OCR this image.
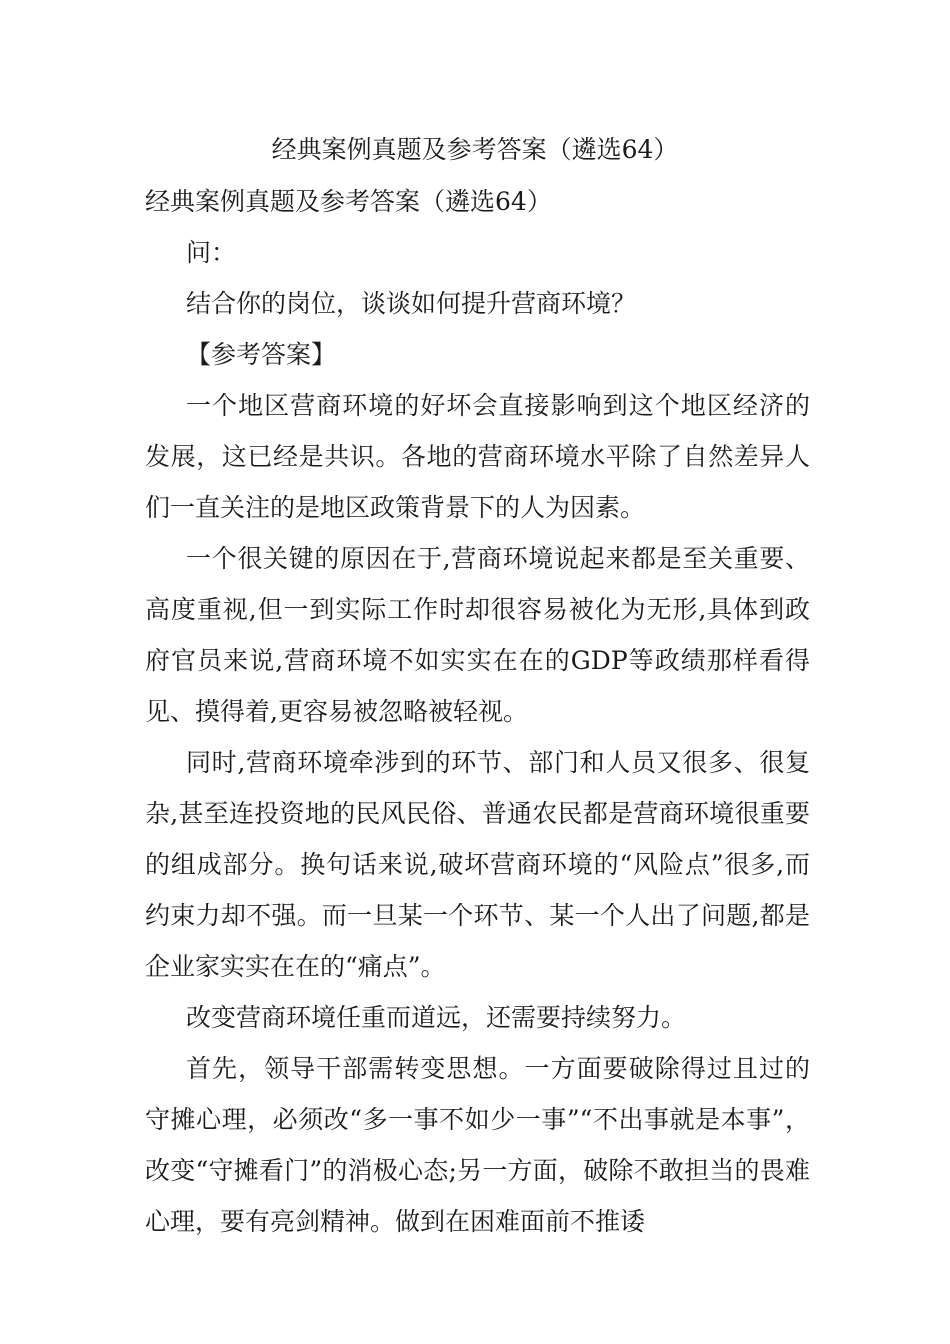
经典案例真题及参考答案（遴选64）

经典案例真题及参考答案（遴选64）

问：

结合你的岗位，谈谈如何提升营商环境？

【参考答案】

一个地区营商环境的好坏会直接影响到这个地区经济的发展，这已经是共识。各地的营商环境水平除了自然差异人们一直关注的是地区政策背景下的人为因素。

一个很关键的原因在于,营商环境说起来都是至关重要、高度重视,但一到实际工作时却很容易被化为无形,具体到政府官员来说,营商环境不如实实在在的GDP等政绩那样看得见、摸得着,更容易被忽略被轻视。

同时,营商环境牵涉到的环节、部门和人员又很多、很复杂,甚至连投资地的民风民俗、普通农民都是营商环境很重要的组成部分。换句话来说,破坏营商环境的“风险点”很多,而约束力却不强。而一旦某一个环节、某一个人出了问题,都是企业家实实在在的“痛点”。

改变营商环境任重而道远，还需要持续努力。

首先，领导干部需转变思想。一方面要破除得过且过的守摊心理，必须改“多一事不如少一事”“不出事就是本事”，改变“守摊看门”的消极心态;另一方面，破除不敢担当的畏难心理，要有亮剑精神。做到在困难面前不推诿
